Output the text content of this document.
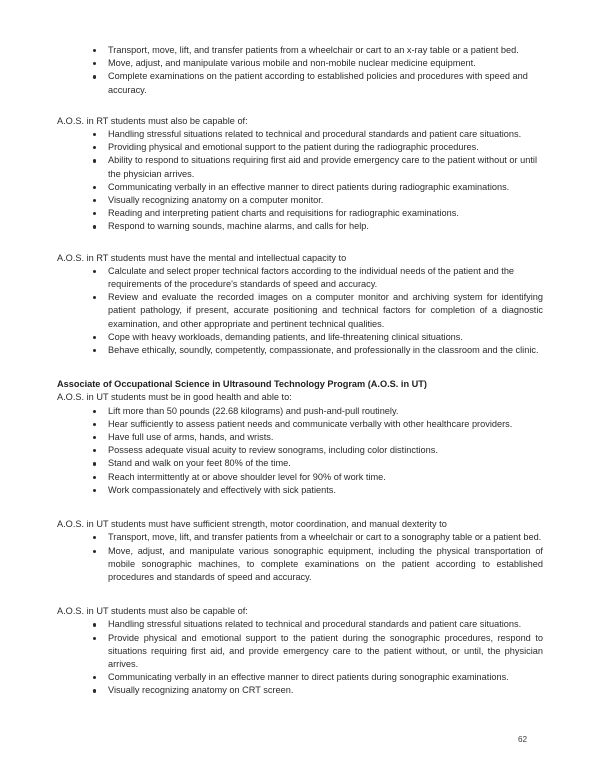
Transport, move, lift, and transfer patients from a wheelchair or cart to an x-ray table or a patient bed.
Move, adjust, and manipulate various mobile and non-mobile nuclear medicine equipment.
Complete examinations on the patient according to established policies and procedures with speed and accuracy.

A.O.S. in RT students must also be capable of:

Handling stressful situations related to technical and procedural standards and patient care situations.
Providing physical and emotional support to the patient during the radiographic procedures.
Ability to respond to situations requiring first aid and provide emergency care to the patient without or until the physician arrives.
Communicating verbally in an effective manner to direct patients during radiographic examinations.
Visually recognizing anatomy on a computer monitor.
Reading and interpreting patient charts and requisitions for radiographic examinations.
Respond to warning sounds, machine alarms, and calls for help.

A.O.S. in RT students must have the mental and intellectual capacity to

Calculate and select proper technical factors according to the individual needs of the patient and the requirements of the procedure's standards of speed and accuracy.
Review and evaluate the recorded images on a computer monitor and archiving system for identifying patient pathology, if present, accurate positioning and technical factors for completion of a diagnostic examination, and other appropriate and pertinent technical qualities.
Cope with heavy workloads, demanding patients, and life-threatening clinical situations.
Behave ethically, soundly, competently, compassionate, and professionally in the classroom and the clinic.

Associate of Occupational Science in Ultrasound Technology Program (A.O.S. in UT)

A.O.S. in UT students must be in good health and able to:

Lift more than 50 pounds (22.68 kilograms) and push-and-pull routinely.
Hear sufficiently to assess patient needs and communicate verbally with other healthcare providers.
Have full use of arms, hands, and wrists.
Possess adequate visual acuity to review sonograms, including color distinctions.
Stand and walk on your feet 80% of the time.
Reach intermittently at or above shoulder level for 90% of work time.
Work compassionately and effectively with sick patients.

A.O.S. in UT students must have sufficient strength, motor coordination, and manual dexterity to

Transport, move, lift, and transfer patients from a wheelchair or cart to a sonography table or a patient bed.
Move, adjust, and manipulate various sonographic equipment, including the physical transportation of mobile sonographic machines, to complete examinations on the patient according to established procedures and standards of speed and accuracy.

A.O.S. in UT students must also be capable of:

Handling stressful situations related to technical and procedural standards and patient care situations.
Provide physical and emotional support to the patient during the sonographic procedures, respond to situations requiring first aid, and provide emergency care to the patient without, or until, the physician arrives.
Communicating verbally in an effective manner to direct patients during sonographic examinations.
Visually recognizing anatomy on CRT screen.
62
